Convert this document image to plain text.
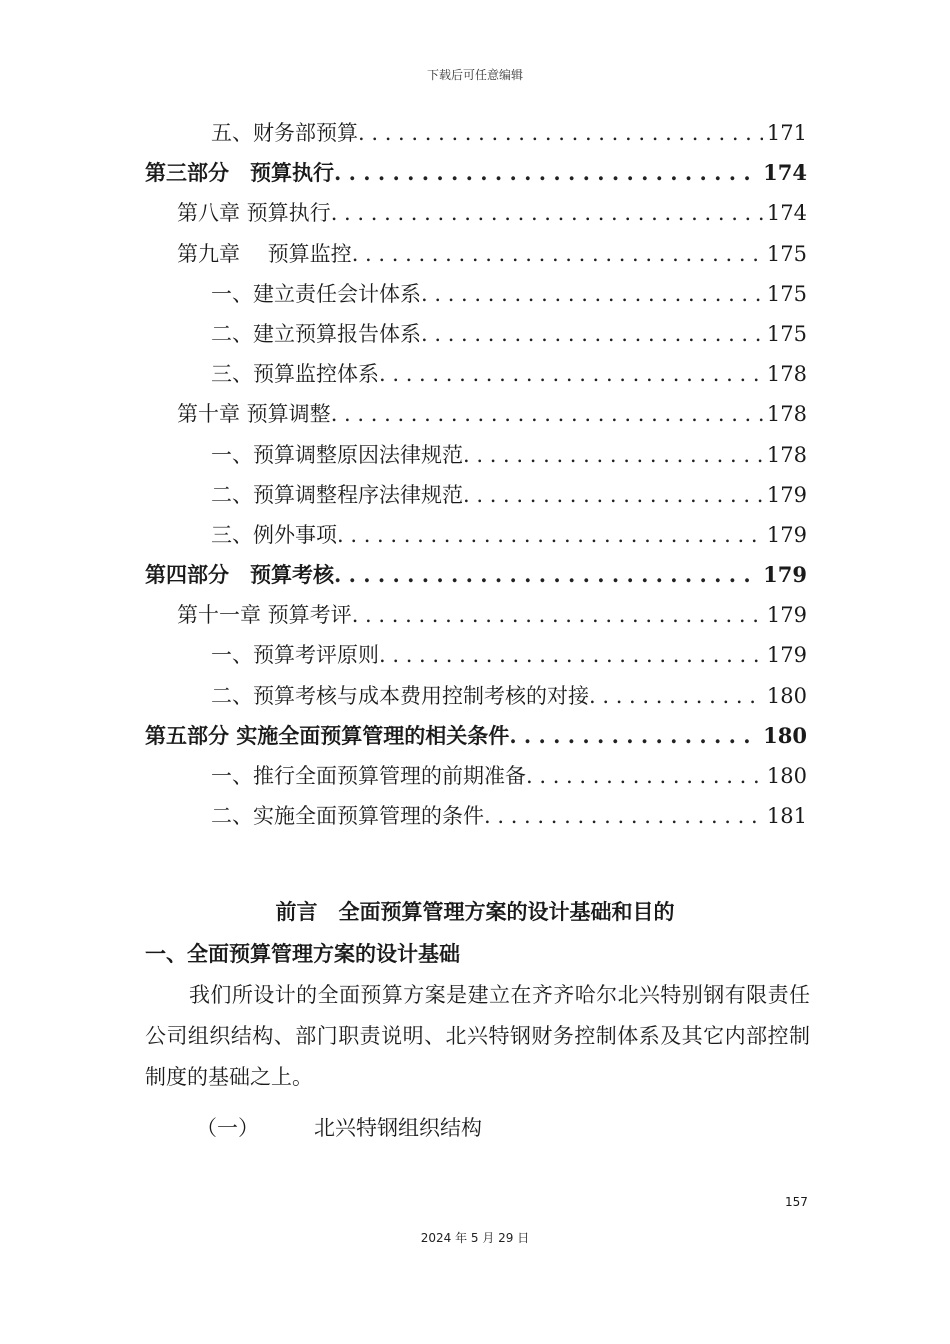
下载后可任意编辑
五、财务部预算 . . .	171
第三部分　预算执行 . . .	174
第八章 预算执行 . . .	174
第九章　 预算监控 . . .	175
一、建立责任会计体系 . . .	175
二、建立预算报告体系 . . .	175
三、预算监控体系 . . .	178
第十章 预算调整 . . .	178
一、预算调整原因法律规范 . . .	178
二、预算调整程序法律规范 . . .	179
三、例外事项 . . .	179
第四部分　预算考核 . . .	179
第十一章 预算考评 . . .	179
一、预算考评原则 . . .	179
二、预算考核与成本费用控制考核的对接 . . .	180
第五部分 实施全面预算管理的相关条件 . . .	180
一、推行全面预算管理的前期准备 . . .	180
二、实施全面预算管理的条件 . . .	181
前言　全面预算管理方案的设计基础和目的
一、全面预算管理方案的设计基础
我们所设计的全面预算方案是建立在齐齐哈尔北兴特别钢有限责任公司组织结构、部门职责说明、北兴特钢财务控制体系及其它内部控制制度的基础之上。
（一）	北兴特钢组织结构
157
2024 年 5 月 29 日
